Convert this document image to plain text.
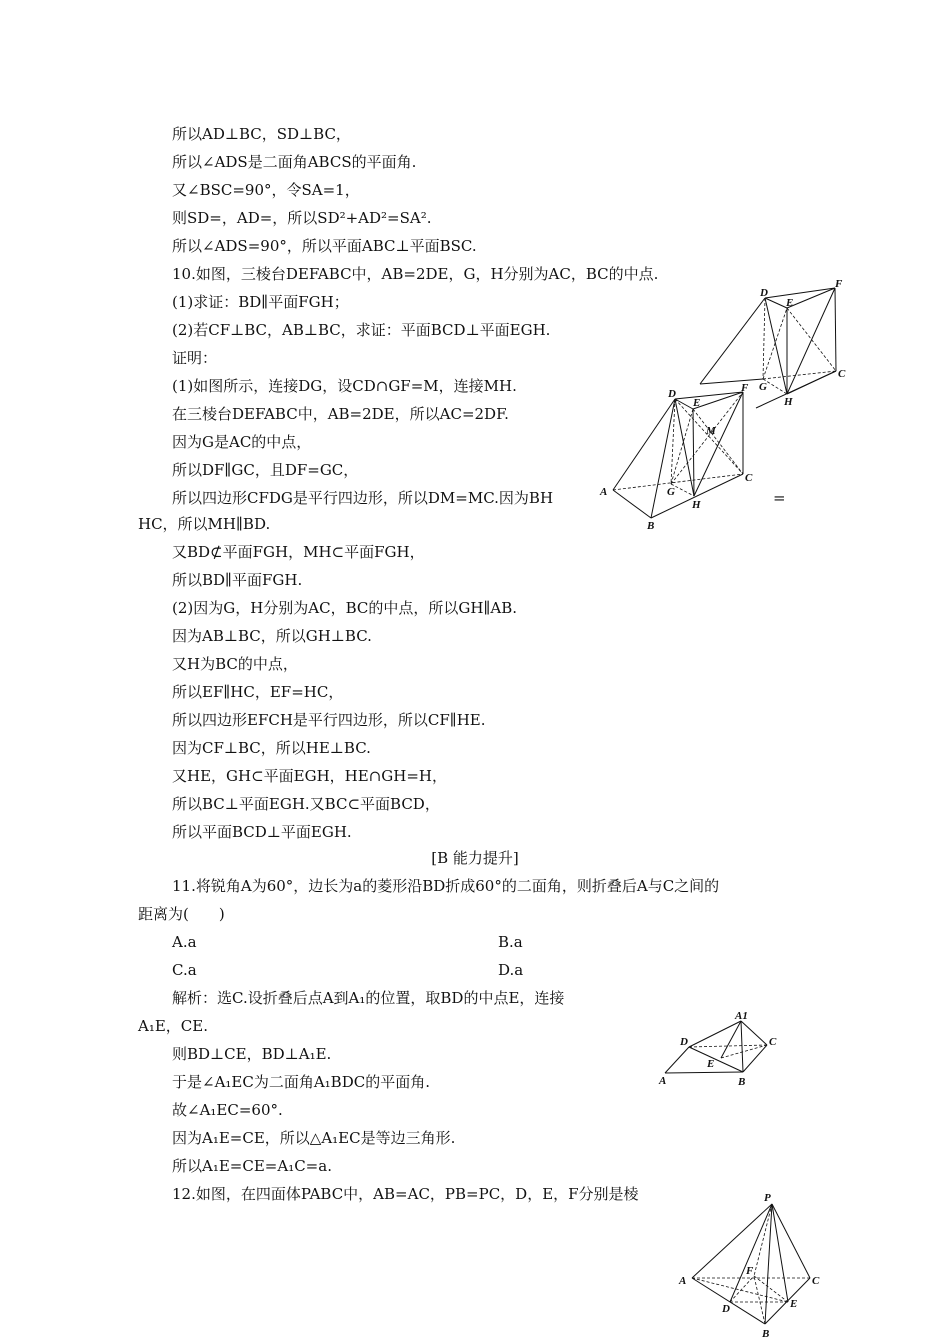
所以AD⊥BC，SD⊥BC，
所以∠ADS是二面角ABCS的平面角.
又∠BSC=90°，令SA=1，
则SD=，AD=，所以SD²+AD²=SA².
所以∠ADS=90°，所以平面ABC⊥平面BSC.
10.如图，三棱台DEFABC中，AB=2DE，G，H分别为AC，BC的中点.
(1)求证：BD∥平面FGH；
(2)若CF⊥BC，AB⊥BC，求证：平面BCD⊥平面EGH.
证明：
(1)如图所示，连接DG，设CD∩GF=M，连接MH.
在三棱台DEFABC中，AB=2DE，所以AC=2DF.
因为G是AC的中点，
所以DF∥GC，且DF=GC，
所以四边形CFDG是平行四边形，所以DM=MC.因为BH	=
HC，所以MH∥BD.
又BD⊄平面FGH，MH⊂平面FGH，
所以BD∥平面FGH.
(2)因为G，H分别为AC，BC的中点，所以GH∥AB.
因为AB⊥BC，所以GH⊥BC.
又H为BC的中点，
所以EF∥HC，EF=HC，
所以四边形EFCH是平行四边形，所以CF∥HE.
因为CF⊥BC，所以HE⊥BC.
又HE，GH⊂平面EGH，HE∩GH=H，
所以BC⊥平面EGH.又BC⊂平面BCD，
所以平面BCD⊥平面EGH.
[B 能力提升]
11.将锐角A为60°，边长为a的菱形沿BD折成60°的二面角，则折叠后A与C之间的
距离为(　　)
A.a	B.a
C.a	D.a
解析：选C.设折叠后点A到A₁的位置，取BD的中点E，连接
A₁E，CE.
则BD⊥CE，BD⊥A₁E.
于是∠A₁EC为二面角A₁BDC的平面角.
故∠A₁EC=60°.
因为A₁E=CE，所以△A₁EC是等边三角形.
所以A₁E=CE=A₁C=a.
12.如图，在四面体PABC中，AB=AC，PB=PC，D，E，F分别是棱
D
E
F
G
H
C
D
E
F
M
A
C
G
H
B
A1
D	C
E
A	B
P
A
F
C
D	E
B
